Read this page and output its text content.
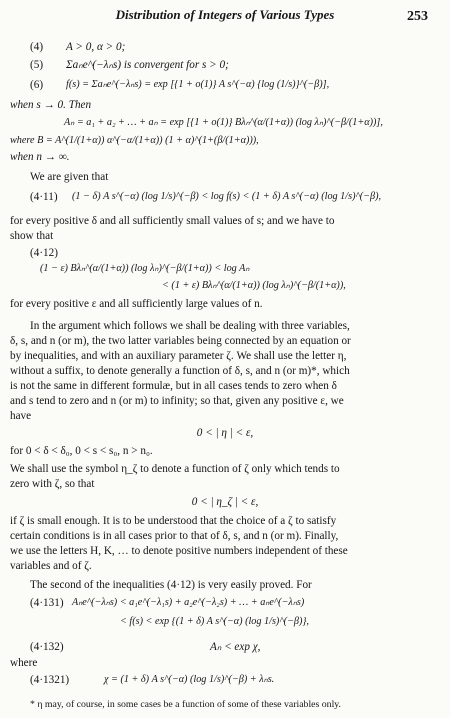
Distribution of Integers of Various Types	253
(4) A > 0, α > 0;
(5) Σaₙe^(−λₙs) is convergent for s > 0;
(6) f(s) = Σaₙe^(−λₙs) = exp [{1 + o(1)} A s^(−α) {log (1/s)}^(−β)],
when s → 0. Then
Aₙ = a₁ + a₂ + … + aₙ = exp [{1 + o(1)} Bλₙ^(α/(1+α)) (log λₙ)^(−β/(1+α))],
where B = A^(1/(1+α)) α^(−α/(1+α)) (1 + α)^(1+(β/(1+α))),
when n → ∞.
We are given that
(4·11) (1 − δ) A s^(−α) (log 1/s)^(−β) < log f(s) < (1 + δ) A s^(−α) (log 1/s)^(−β),
for every positive δ and all sufficiently small values of s; and we have to
show that
(4·12)
(1 − ε) Bλₙ^(α/(1+α)) (log λₙ)^(−β/(1+α)) < log Aₙ
< (1 + ε) Bλₙ^(α/(1+α)) (log λₙ)^(−β/(1+α)),
for every positive ε and all sufficiently large values of n.
In the argument which follows we shall be dealing with three variables,
δ, s, and n (or m), the two latter variables being connected by an equation or
by inequalities, and with an auxiliary parameter ζ. We shall use the letter η,
without a suffix, to denote generally a function of δ, s, and n (or m)*, which
is not the same in different formulæ, but in all cases tends to zero when δ
and s tend to zero and n (or m) to infinity; so that, given any positive ε, we
have
0 < | η | < ε,
for 0 < δ < δ₀, 0 < s < s₀, n > n₀.
We shall use the symbol η_ζ to denote a function of ζ only which tends to
zero with ζ, so that
0 < | η_ζ | < ε,
if ζ is small enough. It is to be understood that the choice of a ζ to satisfy
certain conditions is in all cases prior to that of δ, s, and n (or m). Finally,
we use the letters H, K, … to denote positive numbers independent of these
variables and of ζ.
The second of the inequalities (4·12) is very easily proved. For
(4·131) Aₙe^(−λₙs) < a₁e^(−λ₁s) + a₂e^(−λ₂s) + … + aₙe^(−λₙs)
< f(s) < exp {(1 + δ) A s^(−α) (log 1/s)^(−β)},
(4·132)	Aₙ < exp χ,
where
(4·1321)	χ = (1 + δ) A s^(−α) (log 1/s)^(−β) + λₙs.
* η may, of course, in some cases be a function of some of these variables only.
